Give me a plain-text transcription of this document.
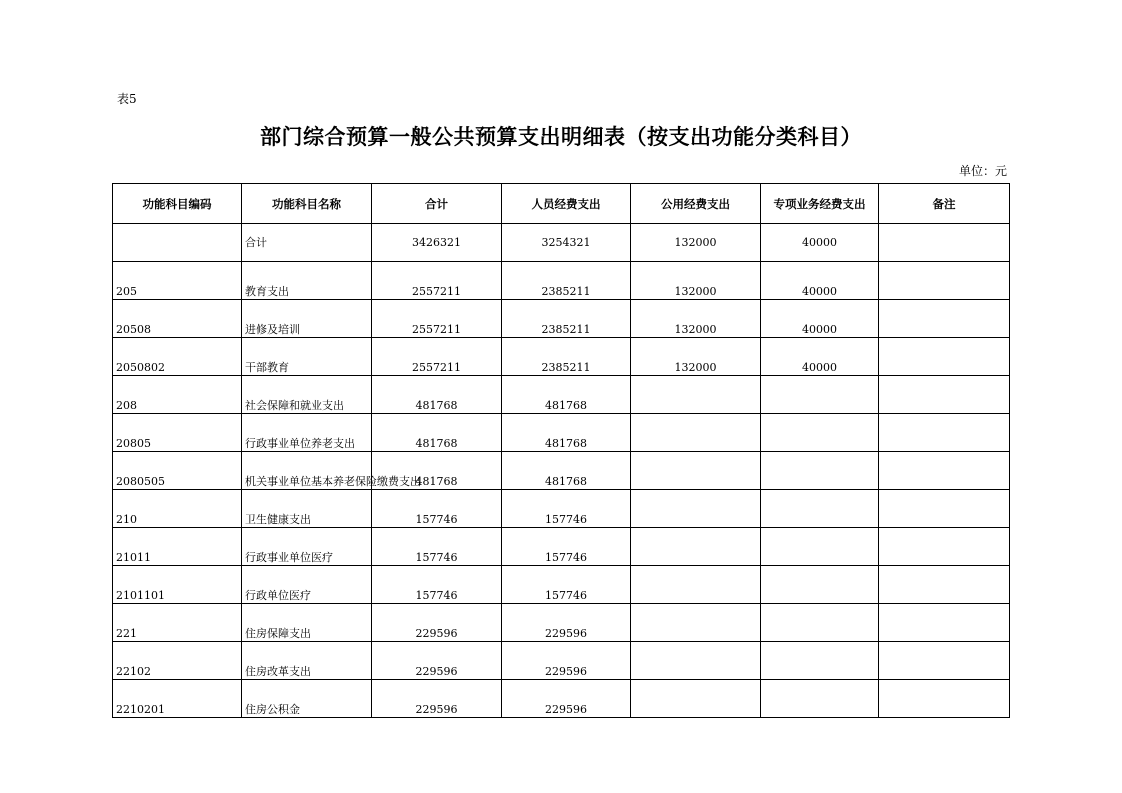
表5
部门综合预算一般公共预算支出明细表（按支出功能分类科目）
单位：元
功能科目编码	功能科目名称	合计	人员经费支出	公用经费支出	专项业务经费支出	备注
	合计	3426321	3254321	132000	40000	
205	教育支出	2557211	2385211	132000	40000	
20508	进修及培训	2557211	2385211	132000	40000	
2050802	干部教育	2557211	2385211	132000	40000	
208	社会保障和就业支出	481768	481768			
20805	行政事业单位养老支出	481768	481768			
2080505	机关事业单位基本养老保险缴费支出	481768	481768			
210	卫生健康支出	157746	157746			
21011	行政事业单位医疗	157746	157746			
2101101	行政单位医疗	157746	157746			
221	住房保障支出	229596	229596			
22102	住房改革支出	229596	229596			
2210201	住房公积金	229596	229596			
